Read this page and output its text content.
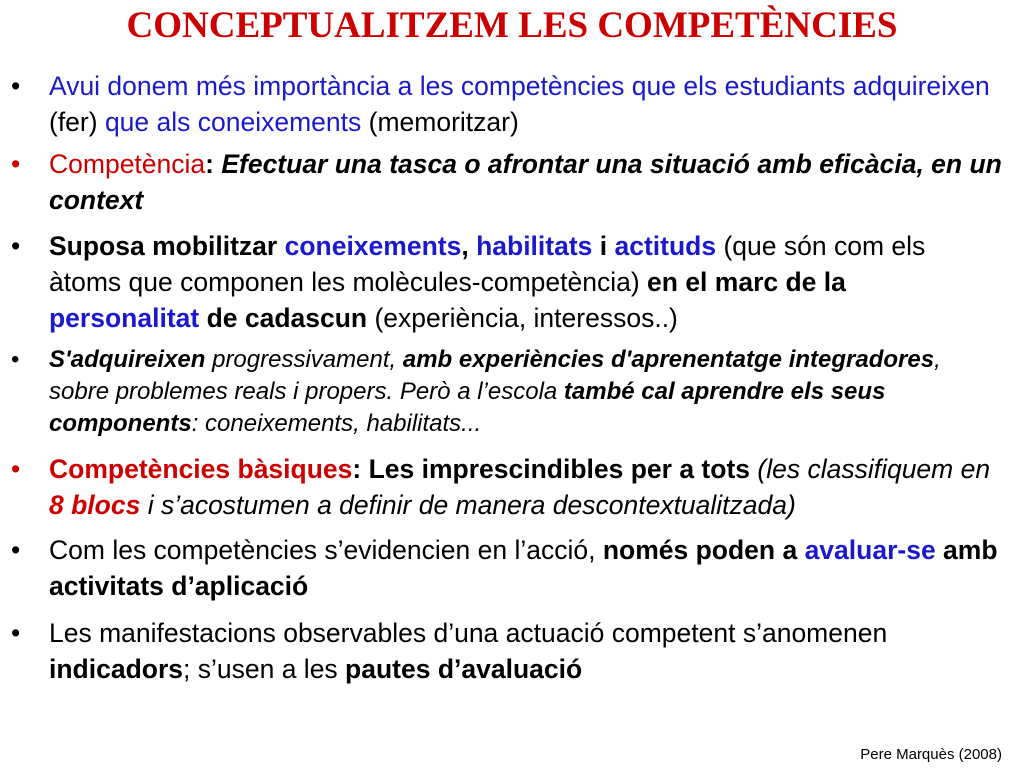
CONCEPTUALITZEM LES COMPETÈNCIES
• Avui donem més importància a les competències que els estudiants adquireixen (fer) que als coneixements (memoritzar)
• Competència: Efectuar una tasca o afrontar una situació amb eficàcia, en un context
• Suposa mobilitzar coneixements, habilitats i actituds (que són com els àtoms que componen les molècules-competència) en el marc de la personalitat de cadascun (experiència, interessos..)
• S'adquireixen progressivament, amb experiències d'aprenentatge integradores, sobre problemes reals i propers. Però a l’escola també cal aprendre els seus components: coneixements, habilitats...
• Competències bàsiques: Les imprescindibles per a tots (les classifiquem en 8 blocs i s’acostumen a definir de manera descontextualitzada)
• Com les competències s’evidencien en l’acció, només poden a avaluar-se amb activitats d’aplicació
• Les manifestacions observables d’una actuació competent s’anomenen indicadors; s’usen a les pautes d’avaluació
Pere Marquès (2008)
